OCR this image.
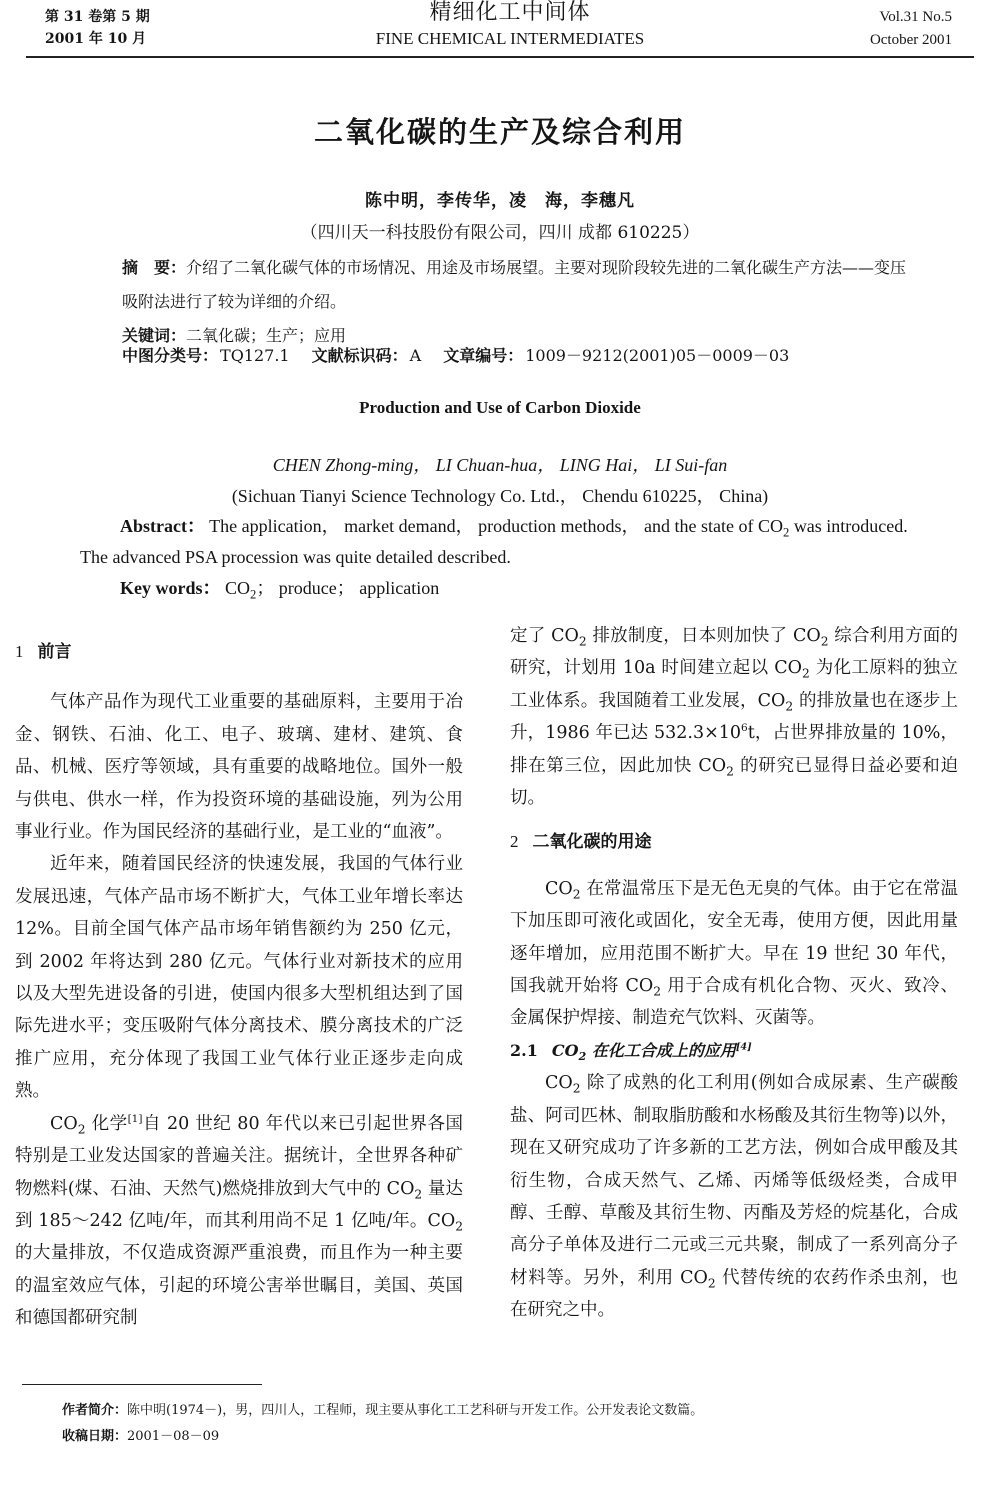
第 31 卷第 5 期
2001 年 10 月
精细化工中间体
FINE CHEMICAL INTERMEDIATES
Vol.31 No.5
October 2001
二氧化碳的生产及综合利用
陈中明，李传华，凌　海，李穗凡
（四川天一科技股份有限公司，四川 成都 610225）
摘　要：介绍了二氧化碳气体的市场情况、用途及市场展望。主要对现阶段较先进的二氧化碳生产方法——变压吸附法进行了较为详细的介绍。
关键词：二氧化碳；生产；应用
中图分类号： TQ127.1 文献标识码： A 文章编号： 1009－9212(2001)05－0009－03
Production and Use of Carbon Dioxide
CHEN Zhong-ming， LI Chuan-hua， LING Hai， LI Sui-fan
(Sichuan Tianyi Science Technology Co. Ltd.， Chendu 610225， China)
Abstract： The application， market demand， production methods， and the state of $CO_2$ was introduced. The advanced PSA procession was quite detailed described.
Key words： $CO_2$； produce； application
1 前言

气体产品作为现代工业重要的基础原料，主要用于冶金、钢铁、石油、化工、电子、玻璃、建材、建筑、食品、机械、医疗等领域，具有重要的战略地位。国外一般与供电、供水一样，作为投资环境的基础设施，列为公用事业行业。作为国民经济的基础行业，是工业的“血液”。

近年来，随着国民经济的快速发展，我国的气体行业发展迅速，气体产品市场不断扩大，气体工业年增长率达 12%。目前全国气体产品市场年销售额约为 250 亿元，到 2002 年将达到 280 亿元。气体行业对新技术的应用以及大型先进设备的引进，使国内很多大型机组达到了国际先进水平；变压吸附气体分离技术、膜分离技术的广泛推广应用，充分体现了我国工业气体行业正逐步走向成熟。

$CO_2$ 化学[1]自 20 世纪 80 年代以来已引起世界各国特别是工业发达国家的普遍关注。据统计，全世界各种矿物燃料(煤、石油、天然气)燃烧排放到大气中的 $CO_2$ 量达到 185～242 亿吨/年，而其利用尚不足 1 亿吨/年。$CO_2$ 的大量排放，不仅造成资源严重浪费，而且作为一种主要的温室效应气体，引起的环境公害举世瞩目，美国、英国和德国都研究制

定了 $CO_2$ 排放制度，日本则加快了 $CO_2$ 综合利用方面的研究，计划用 10a 时间建立起以 $CO_2$ 为化工原料的独立工业体系。我国随着工业发展，$CO_2$ 的排放量也在逐步上升，1986 年已达 $532.3\times 10^6t$，占世界排放量的 10%，排在第三位，因此加快 $CO_2$ 的研究已显得日益必要和迫切。

2 二氧化碳的用途

$CO_2$ 在常温常压下是无色无臭的气体。由于它在常温下加压即可液化或固化，安全无毒，使用方便，因此用量逐年增加，应用范围不断扩大。早在 19 世纪 30 年代，国我就开始将 $CO_2$ 用于合成有机化合物、灭火、致冷、金属保护焊接、制造充气饮料、灭菌等。

2.1 $CO_2$ 在化工合成上的应用[4]

$CO_2$ 除了成熟的化工利用(例如合成尿素、生产碳酸盐、阿司匹林、制取脂肪酸和水杨酸及其衍生物等)以外，现在又研究成功了许多新的工艺方法，例如合成甲酸及其衍生物，合成天然气、乙烯、丙烯等低级烃类，合成甲醇、壬醇、草酸及其衍生物、丙酯及芳烃的烷基化，合成高分子单体及进行二元或三元共聚，制成了一系列高分子材料等。另外，利用 $CO_2$ 代替传统的农药作杀虫剂，也在研究之中。

作者简介：陈中明(1974－)，男，四川人，工程师，现主要从事化工工艺科研与开发工作。公开发表论文数篇。
收稿日期：2001－08－09
